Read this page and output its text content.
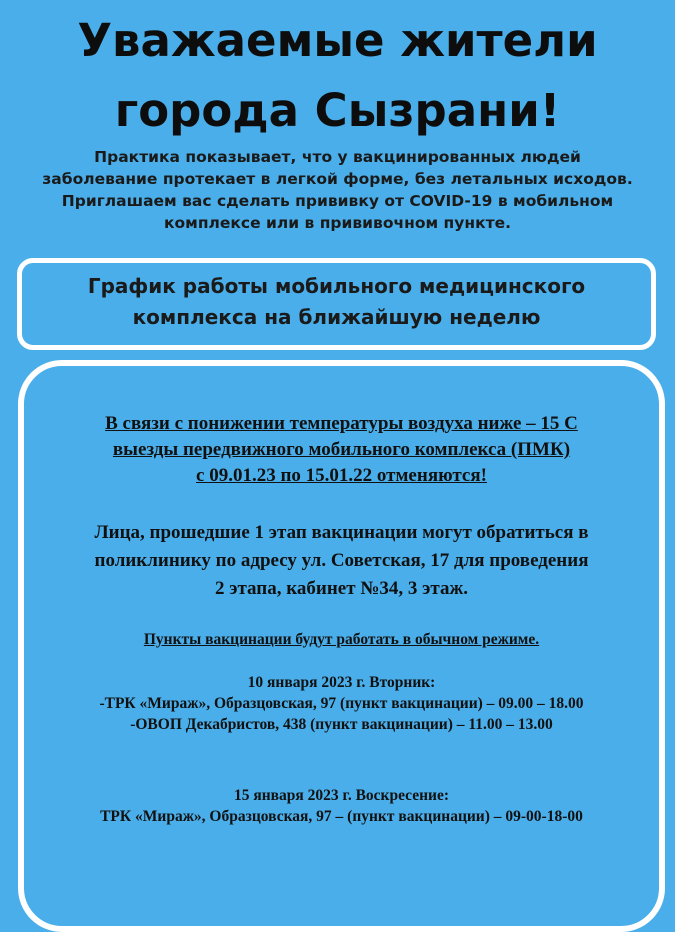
Уважаемые жители
города Сызрани!

Практика показывает, что у вакцинированных людей
заболевание протекает в легкой форме, без летальных исходов.
Приглашаем вас сделать прививку от COVID-19 в мобильном
комплексе или в прививочном пункте.

График работы мобильного медицинского
комплекса на ближайшую неделю
В связи с понижении температуры воздуха ниже – 15 С
выезды передвижного мобильного комплекса (ПМК)
с 09.01.23 по 15.01.22 отменяются!
Лица, прошедшие 1 этап вакцинации могут обратиться в
поликлинику по адресу ул. Советская, 17 для проведения
2 этапа, кабинет №34, 3 этаж.
Пункты вакцинации будут работать в обычном режиме.
10 января 2023 г. Вторник:
-ТРК «Мираж», Образцовская, 97 (пункт вакцинации) – 09.00 – 18.00
-ОВОП Декабристов, 438 (пункт вакцинации) – 11.00 – 13.00
15 января 2023 г. Воскресение:
ТРК «Мираж», Образцовская, 97 – (пункт вакцинации) – 09-00-18-00
